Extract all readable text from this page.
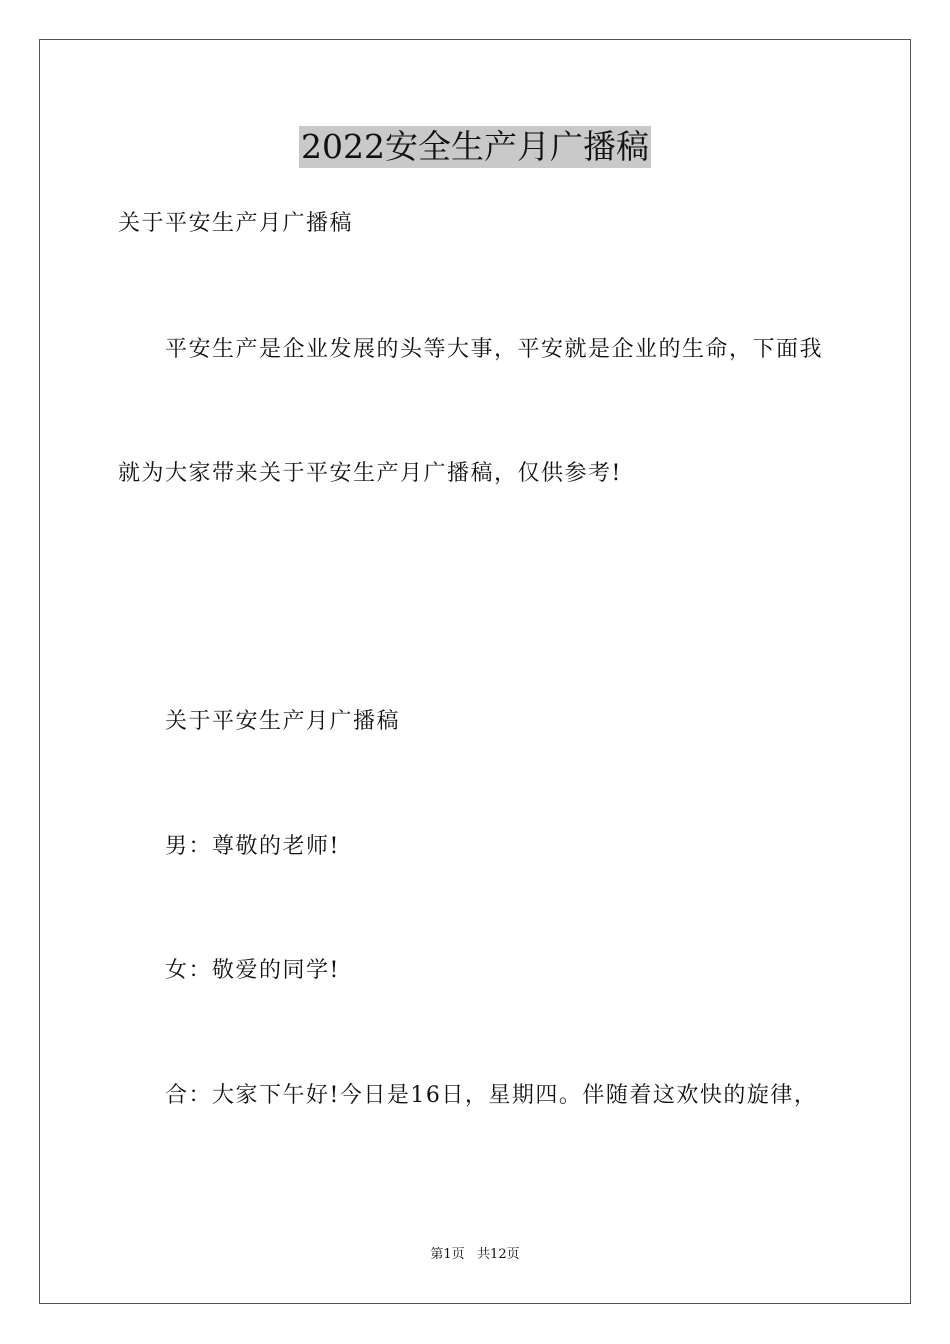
2022安全生产月广播稿
关于平安生产月广播稿
平安生产是企业发展的头等大事，平安就是企业的生命，下面我
就为大家带来关于平安生产月广播稿，仅供参考!
关于平安生产月广播稿
男：尊敬的老师!
女：敬爱的同学!
合：大家下午好!今日是16日，星期四。伴随着这欢快的旋律，
第1页   共12页
